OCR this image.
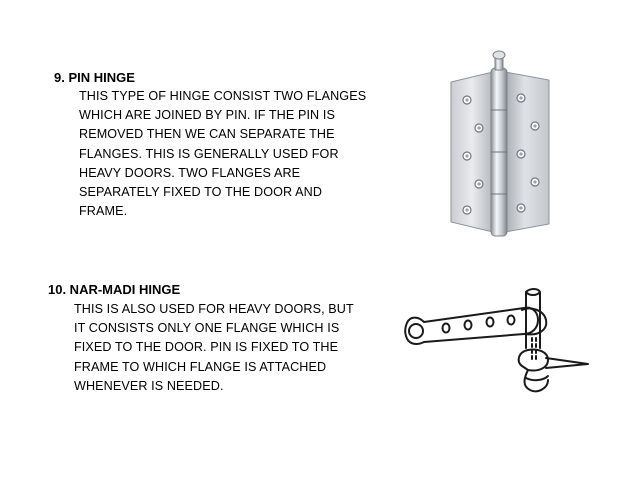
9. PIN HINGE
THIS TYPE OF HINGE CONSIST TWO FLANGES
WHICH ARE JOINED BY PIN. IF THE PIN IS
REMOVED THEN WE CAN SEPARATE THE
FLANGES. THIS IS GENERALLY USED FOR
HEAVY DOORS. TWO FLANGES ARE
SEPARATELY FIXED TO THE DOOR AND
FRAME.
10. NAR-MADI HINGE
THIS IS ALSO USED FOR HEAVY DOORS, BUT
IT CONSISTS ONLY ONE FLANGE WHICH IS
FIXED TO THE DOOR. PIN IS FIXED TO THE
FRAME TO WHICH FLANGE IS ATTACHED
WHENEVER IS NEEDED.
